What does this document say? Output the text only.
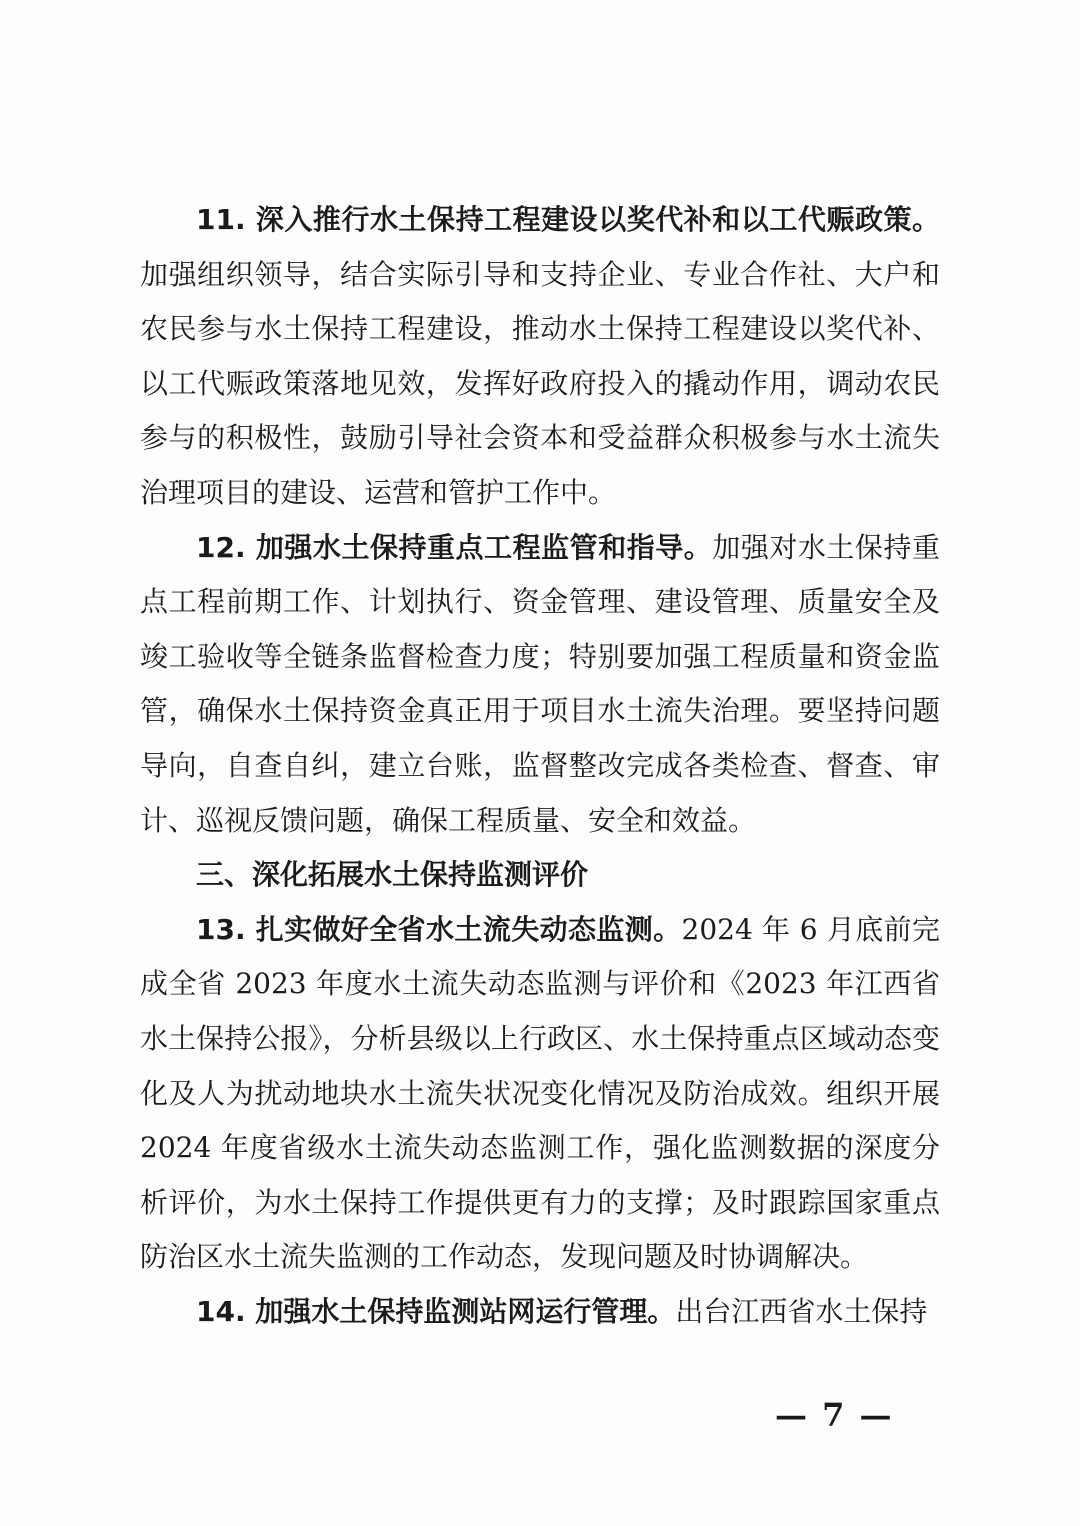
11. 深入推行水土保持工程建设以奖代补和以工代赈政策。加强组织领导，结合实际引导和支持企业、专业合作社、大户和农民参与水土保持工程建设，推动水土保持工程建设以奖代补、以工代赈政策落地见效，发挥好政府投入的撬动作用，调动农民参与的积极性，鼓励引导社会资本和受益群众积极参与水土流失治理项目的建设、运营和管护工作中。

12. 加强水土保持重点工程监管和指导。加强对水土保持重点工程前期工作、计划执行、资金管理、建设管理、质量安全及竣工验收等全链条监督检查力度；特别要加强工程质量和资金监管，确保水土保持资金真正用于项目水土流失治理。要坚持问题导向，自查自纠，建立台账，监督整改完成各类检查、督查、审计、巡视反馈问题，确保工程质量、安全和效益。

三、深化拓展水土保持监测评价

13. 扎实做好全省水土流失动态监测。2024 年 6 月底前完成全省 2023 年度水土流失动态监测与评价和《2023 年江西省水土保持公报》，分析县级以上行政区、水土保持重点区域动态变化及人为扰动地块水土流失状况变化情况及防治成效。组织开展 2024 年度省级水土流失动态监测工作，强化监测数据的深度分析评价，为水土保持工作提供更有力的支撑；及时跟踪国家重点防治区水土流失监测的工作动态，发现问题及时协调解决。

14. 加强水土保持监测站网运行管理。出台江西省水土保持

— 7 —
